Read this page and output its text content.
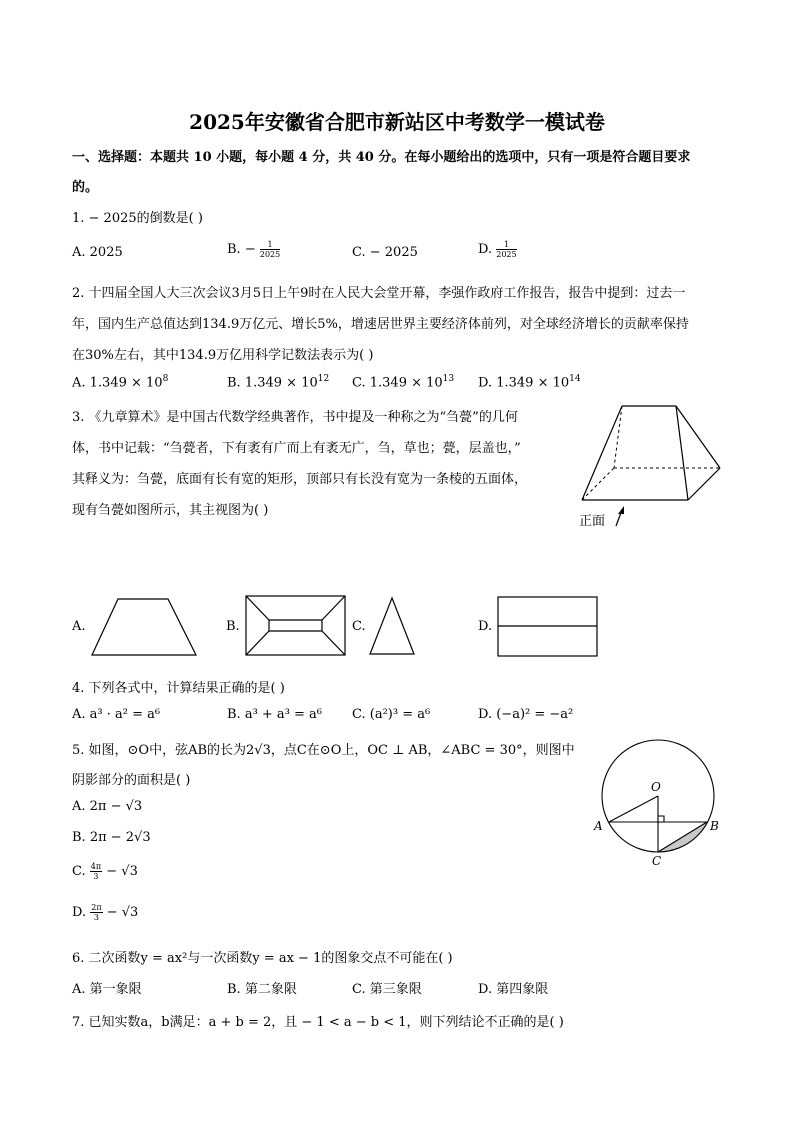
2025年安徽省合肥市新站区中考数学一模试卷
一、选择题：本题共 10 小题，每小题 4 分，共 40 分。在每小题给出的选项中，只有一项是符合题目要求
的。
1. − 2025的倒数是( )
A. 2025	B. − $\frac{1}{2025}$	C. − 2025	D. $\frac{1}{2025}$
2. 十四届全国人大三次会议3月5日上午9时在人民大会堂开幕，李强作政府工作报告，报告中提到：过去一
年，国内生产总值达到134.9万亿元、增长5%，增速居世界主要经济体前列，对全球经济增长的贡献率保持
在30%左右，其中134.9万亿用科学记数法表示为( )
A. $1.349 \times 10^8$	B. $1.349 \times 10^{12}$ C. $1.349 \times 10^{13}$ D. $1.349 \times 10^{14}$
3. 《九章算术》是中国古代数学经典著作，书中提及一种称之为“刍甍”的几何
体，书中记载：“刍甍者，下有袤有广而上有袤无广，刍，草也；甍，层盖也，”
其释义为：刍甍，底面有长有宽的矩形，顶部只有长没有宽为一条棱的五面体，
现有刍甍如图所示，其主视图为( )
正面
A.	B.	C.	D.
4. 下列各式中，计算结果正确的是( )
A. a³ · a² = a⁶	B. a³ + a³ = a⁶ C. (a²)³ = a⁶	D. (−a)² = −a²
5. 如图，⊙O中，弦AB的长为2√3，点C在⊙O上，OC ⊥ AB，∠ABC = 30°，则图中
阴影部分的面积是( )
A. 2π − √3
B. 2π − 2√3
C. $\frac{4\pi}{3} - √3$
D. $\frac{2\pi}{3} - √3$
O
A	B
C
6. 二次函数y = ax²与一次函数y = ax − 1的图象交点不可能在( )
A. 第一象限	B. 第二象限	C. 第三象限	D. 第四象限
7. 已知实数a，b满足：a + b = 2，且 − 1 < a − b < 1，则下列结论不正确的是( )
